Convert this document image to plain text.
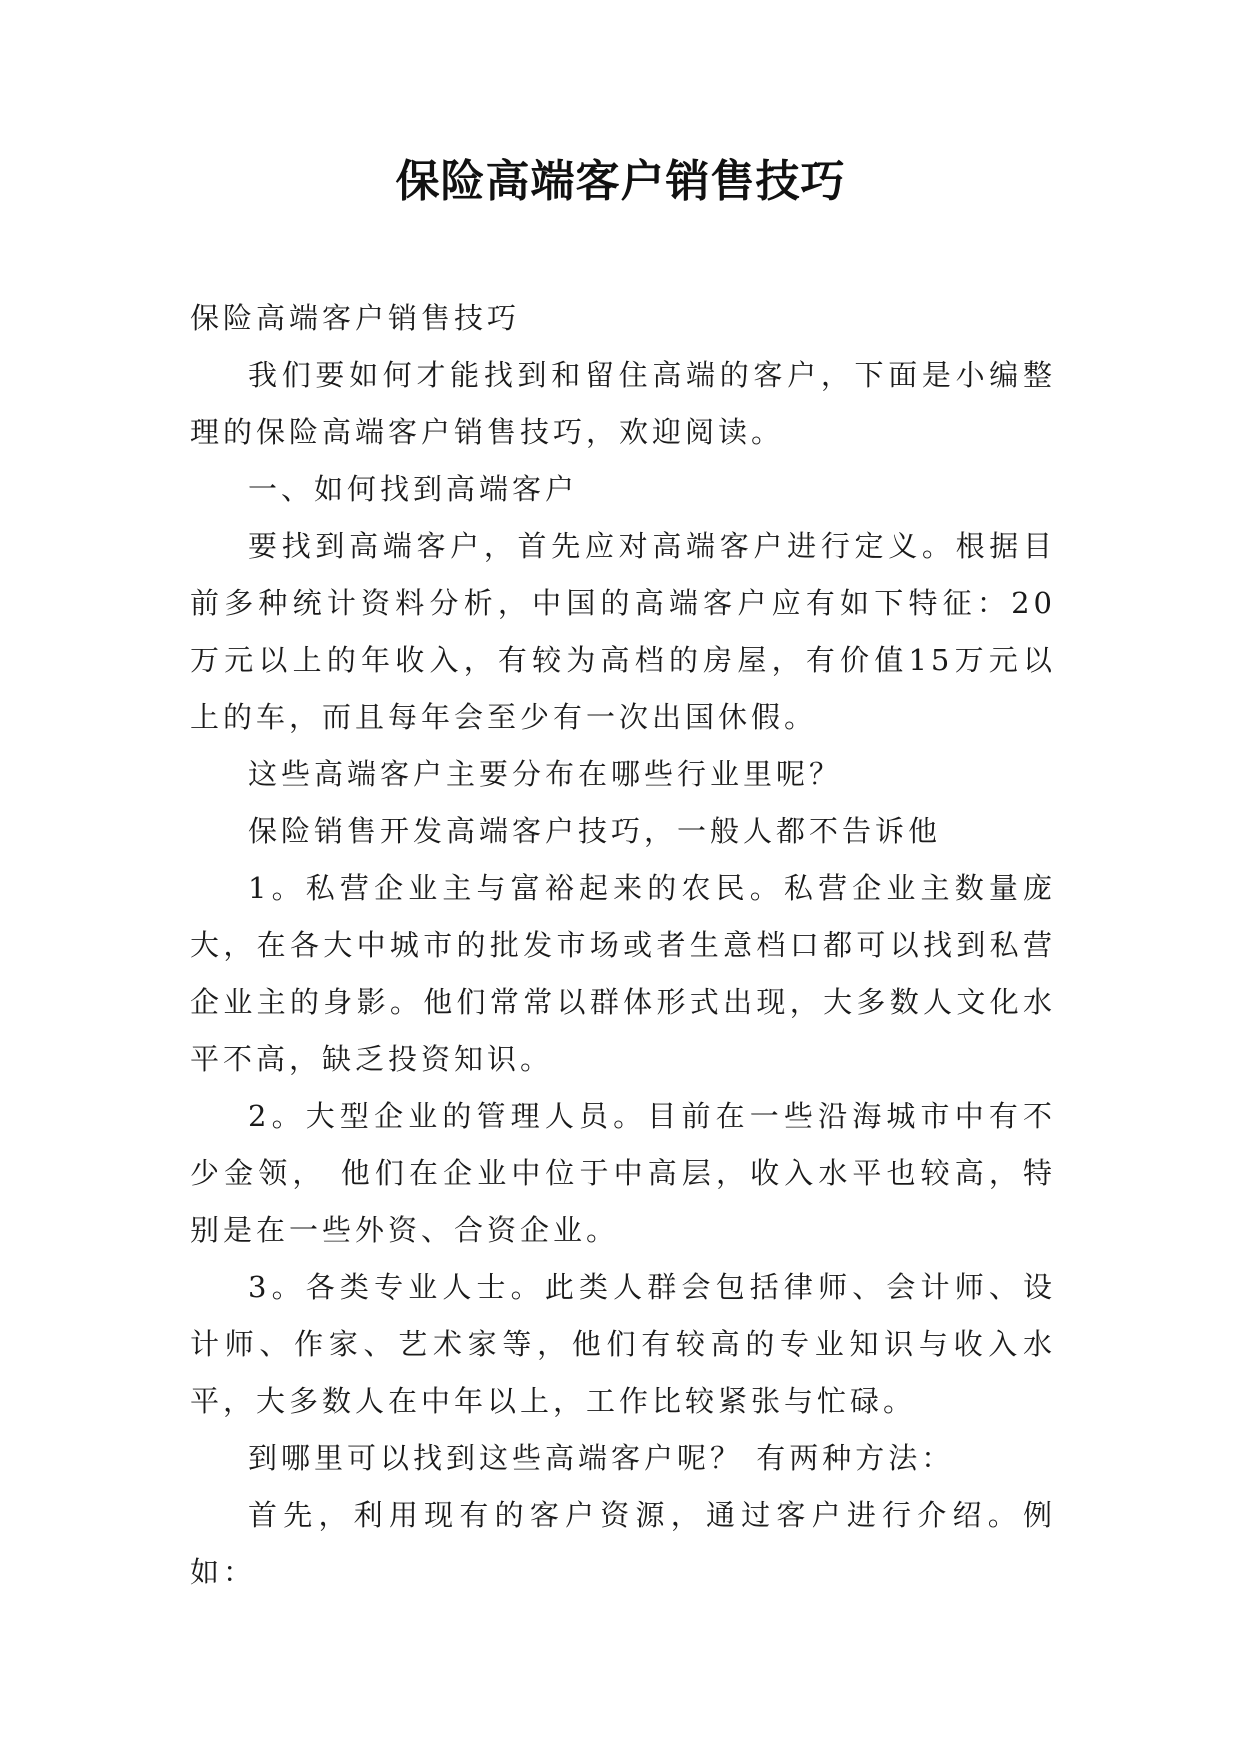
保险高端客户销售技巧

保险高端客户销售技巧

我们要如何才能找到和留住高端的客户，下面是小编整理的保险高端客户销售技巧，欢迎阅读。

一、如何找到高端客户

要找到高端客户，首先应对高端客户进行定义。根据目前多种统计资料分析，中国的高端客户应有如下特征：20万元以上的年收入，有较为高档的房屋，有价值15万元以上的车，而且每年会至少有一次出国休假。

这些高端客户主要分布在哪些行业里呢？

保险销售开发高端客户技巧，一般人都不告诉他

1。私营企业主与富裕起来的农民。私营企业主数量庞大，在各大中城市的批发市场或者生意档口都可以找到私营企业主的身影。他们常常以群体形式出现，大多数人文化水平不高，缺乏投资知识。

2。大型企业的管理人员。目前在一些沿海城市中有不少金领， 他们在企业中位于中高层，收入水平也较高，特别是在一些外资、合资企业。

3。各类专业人士。此类人群会包括律师、会计师、设计师、作家、艺术家等，他们有较高的专业知识与收入水平，大多数人在中年以上，工作比较紧张与忙碌。

到哪里可以找到这些高端客户呢？ 有两种方法：

首先，利用现有的客户资源，通过客户进行介绍。例如：
